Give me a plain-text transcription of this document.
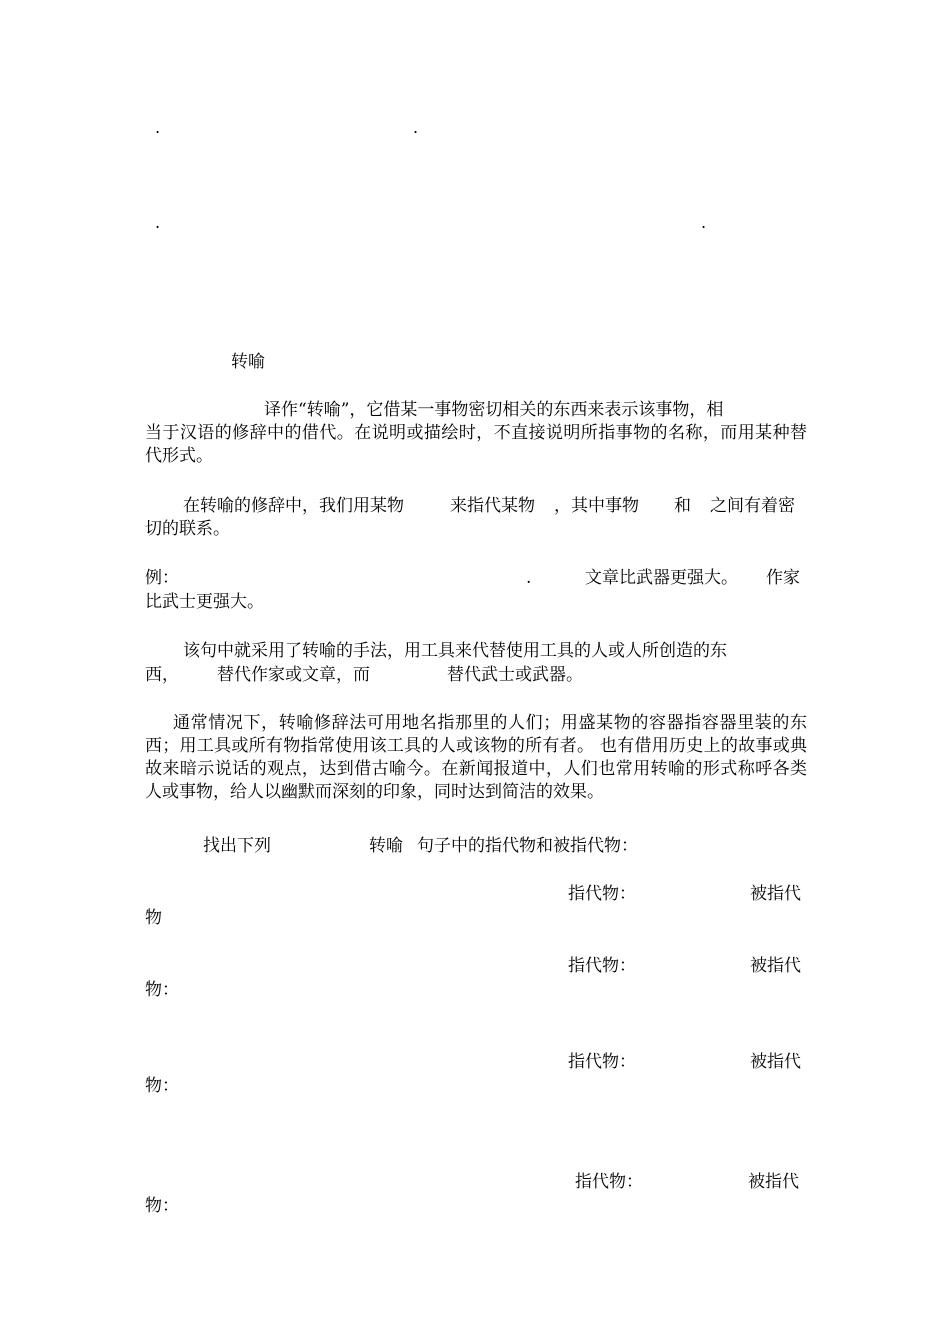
.	.
.	.
转喻
译作“转喻”，它借某一事物密切相关的东西来表示该事物，相
当于汉语的修辞中的借代。在说明或描绘时，不直接说明所指事物的名称，而用某种替代形式。
在转喻的修辞中，我们用某物	来指代某物 ，其中事物 和 之间有着密
切的联系。
例：	.	文章比武器更强大。 作家
比武士更强大。
该句中就采用了转喻的手法，用工具来代替使用工具的人或人所创造的东
西， 替代作家或文章，而	替代武士或武器。
通常情况下，转喻修辞法可用地名指那里的人们；用盛某物的容器指容器里装的东西；用工具或所有物指常使用该工具的人或该物的所有者。 也有借用历史上的故事或典故来暗示说话的观点，达到借古喻今。在新闻报道中，人们也常用转喻的形式称呼各类人或事物，给人以幽默而深刻的印象，同时达到简洁的效果。
找出下列	转喻 句子中的指代物和被指代物：
指代物：	被指代
物
指代物：	被指代
物：
指代物：	被指代
物：
指代物：	被指代
物：
